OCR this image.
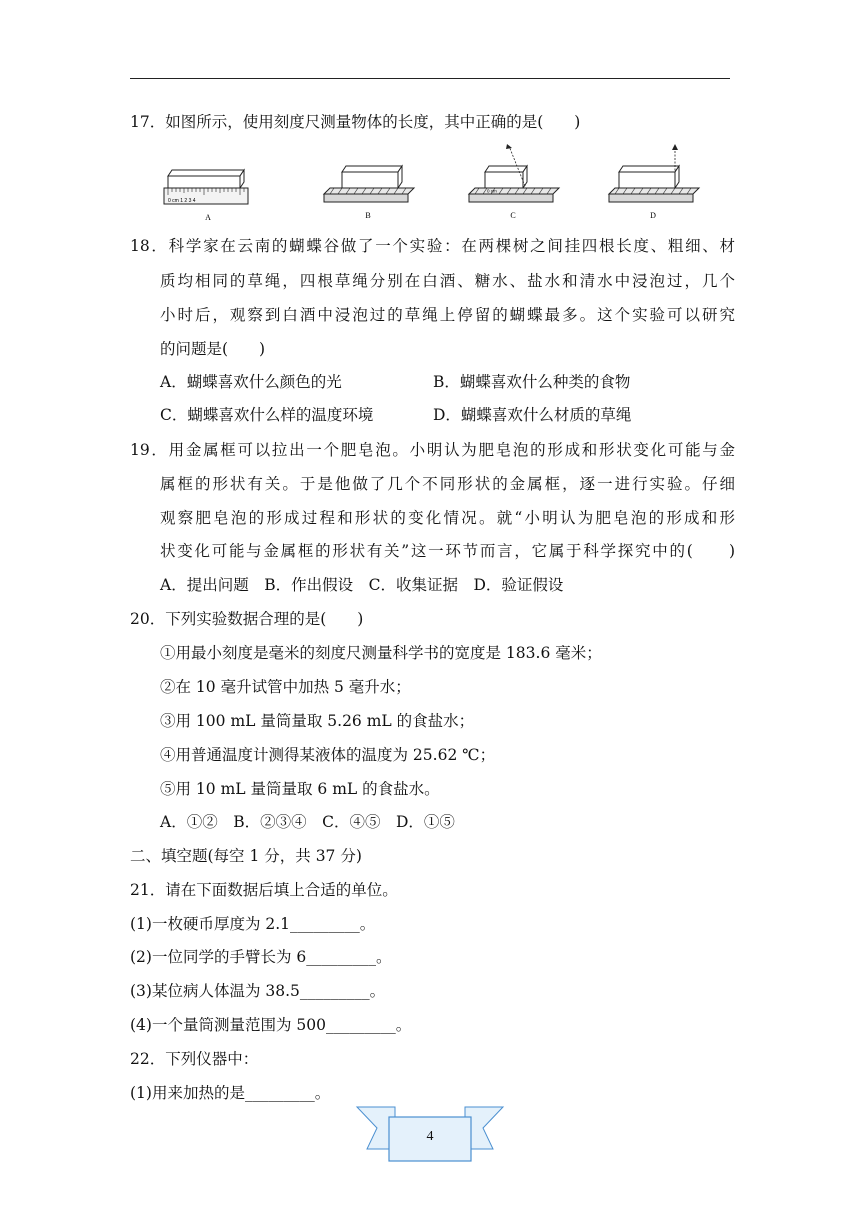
17．如图所示，使用刻度尺测量物体的长度，其中正确的是(　　)
0 cm 1 2 3 4
A	B
0 cm
C	D
18．科学家在云南的蝴蝶谷做了一个实验：在两棵树之间挂四根长度、粗细、材
质均相同的草绳，四根草绳分别在白酒、糖水、盐水和清水中浸泡过，几个
小时后，观察到白酒中浸泡过的草绳上停留的蝴蝶最多。这个实验可以研究
的问题是(　　)
A．蝴蝶喜欢什么颜色的光	B．蝴蝶喜欢什么种类的食物
C．蝴蝶喜欢什么样的温度环境	D．蝴蝶喜欢什么材质的草绳
19．用金属框可以拉出一个肥皂泡。小明认为肥皂泡的形成和形状变化可能与金
属框的形状有关。于是他做了几个不同形状的金属框，逐一进行实验。仔细
观察肥皂泡的形成过程和形状的变化情况。就“小明认为肥皂泡的形成和形
状变化可能与金属框的形状有关”这一环节而言，它属于科学探究中的(　　)
A．提出问题　B．作出假设　C．收集证据　D．验证假设
20．下列实验数据合理的是(　　)
①用最小刻度是毫米的刻度尺测量科学书的宽度是 183.6 毫米；
②在 10 毫升试管中加热 5 毫升水；
③用 100 mL 量筒量取 5.26 mL 的食盐水；
④用普通温度计测得某液体的温度为 25.62 ℃；
⑤用 10 mL 量筒量取 6 mL 的食盐水。
A．①②　B．②③④　C．④⑤　D．①⑤
二、填空题(每空 1 分，共 37 分)
21．请在下面数据后填上合适的单位。
(1)一枚硬币厚度为 2.1_________。
(2)一位同学的手臂长为 6_________。
(3)某位病人体温为 38.5_________。
(4)一个量筒测量范围为 500_________。
22．下列仪器中：
(1)用来加热的是_________。
4
